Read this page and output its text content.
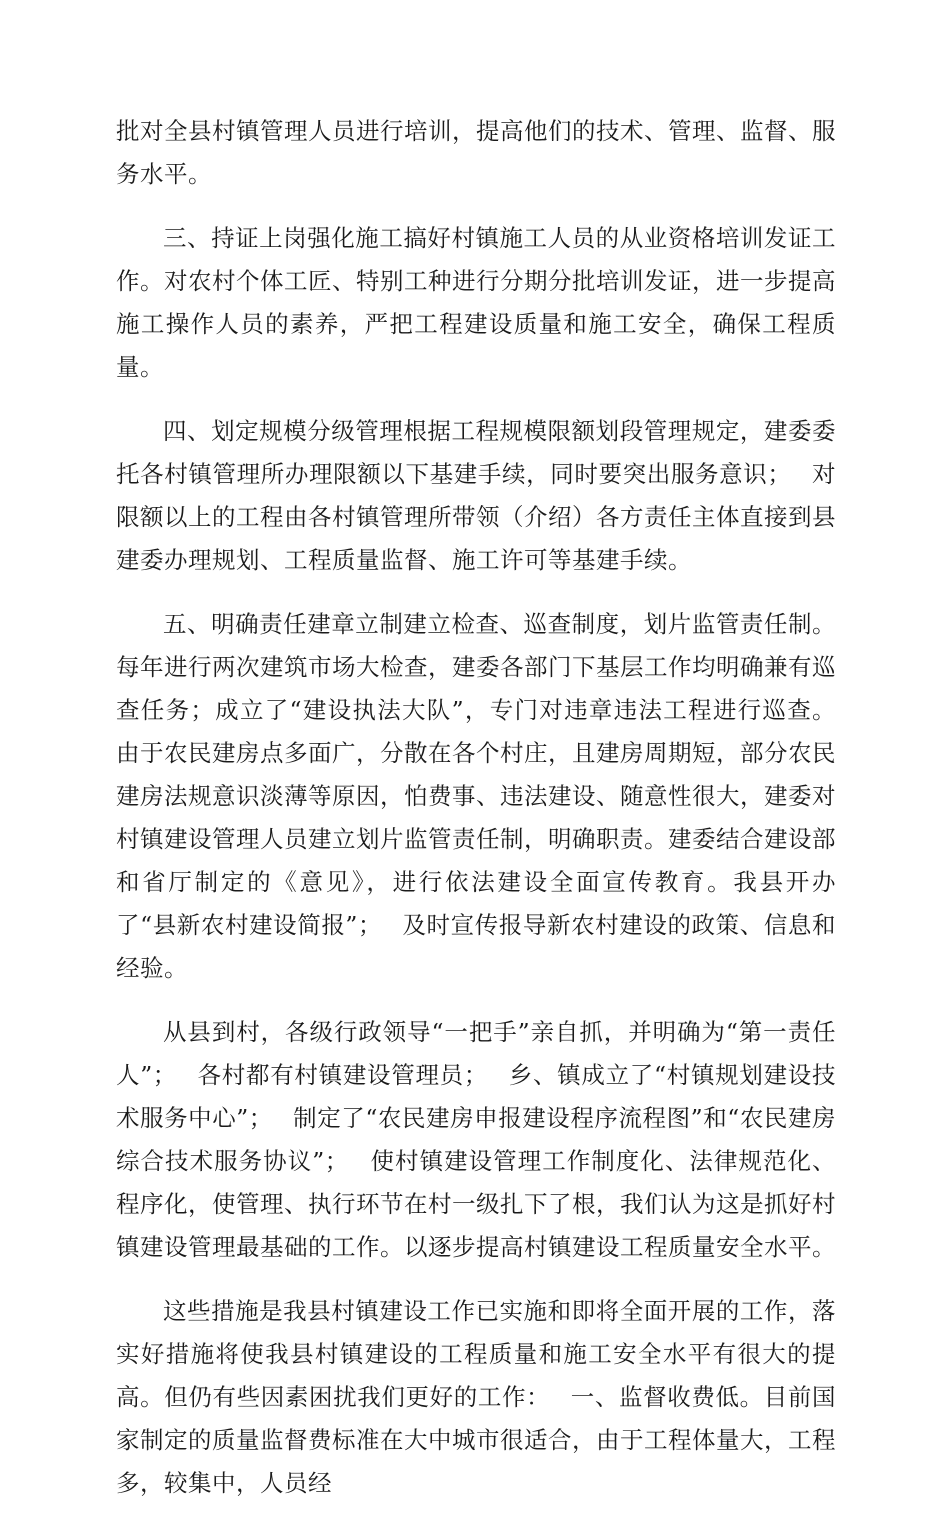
批对全县村镇管理人员进行培训，提高他们的技术、管理、监督、服务水平。

三、持证上岗强化施工搞好村镇施工人员的从业资格培训发证工作。对农村个体工匠、特别工种进行分期分批培训发证，进一步提高施工操作人员的素养，严把工程建设质量和施工安全，确保工程质量。

四、划定规模分级管理根据工程规模限额划段管理规定，建委委托各村镇管理所办理限额以下基建手续，同时要突出服务意识；　 对限额以上的工程由各村镇管理所带领（介绍）各方责任主体直接到县建委办理规划、工程质量监督、施工许可等基建手续。

五、明确责任建章立制建立检查、巡查制度，划片监管责任制。每年进行两次建筑市场大检查，建委各部门下基层工作均明确兼有巡查任务；成立了“建设执法大队”，专门对违章违法工程进行巡查。由于农民建房点多面广，分散在各个村庄，且建房周期短，部分农民建房法规意识淡薄等原因，怕费事、违法建设、随意性很大，建委对村镇建设管理人员建立划片监管责任制，明确职责。建委结合建设部和省厅制定的《意见》，进行依法建设全面宣传教育。我县开办了“县新农村建设简报”；　 及时宣传报导新农村建设的政策、信息和经验。

从县到村，各级行政领导“一把手”亲自抓，并明确为“第一责任人”；　 各村都有村镇建设管理员；　 乡、镇成立了“村镇规划建设技术服务中心”；　 制定了“农民建房申报建设程序流程图”和“农民建房综合技术服务协议”；　 使村镇建设管理工作制度化、法律规范化、程序化，使管理、执行环节在村一级扎下了根，我们认为这是抓好村镇建设管理最基础的工作。以逐步提高村镇建设工程质量安全水平。

这些措施是我县村镇建设工作已实施和即将全面开展的工作，落实好措施将使我县村镇建设的工程质量和施工安全水平有很大的提高。但仍有些因素困扰我们更好的工作：　 一、监督收费低。目前国家制定的质量监督费标准在大中城市很适合，由于工程体量大，工程多，较集中，人员经
